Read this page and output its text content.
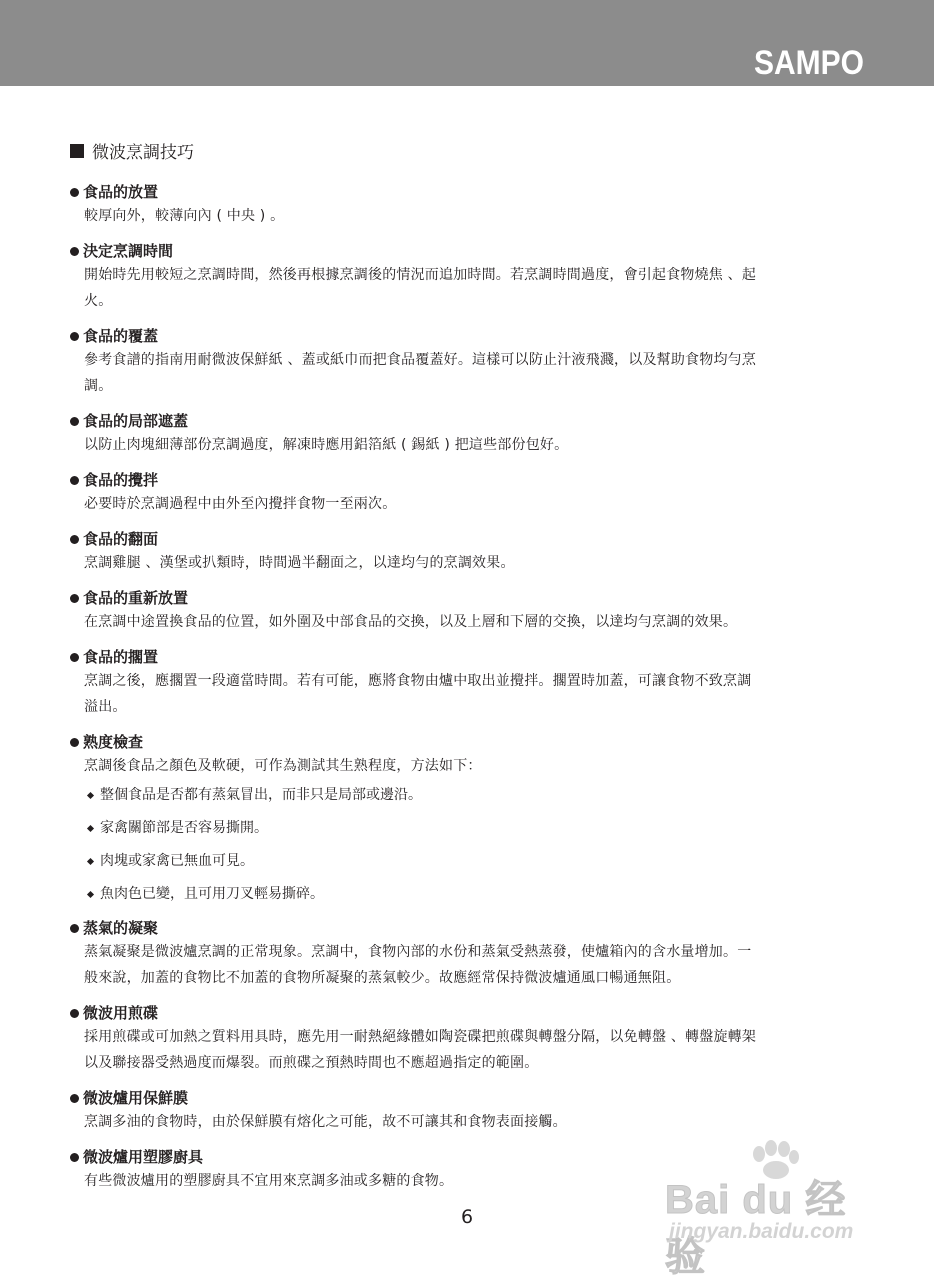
SAMPO
微波烹調技巧
食品的放置
較厚向外，較薄向內 ( 中央 ) 。
決定烹調時間
開始時先用較短之烹調時間，然後再根據烹調後的情況而追加時間。若烹調時間過度，會引起食物燒焦 、起
火。
食品的覆蓋
參考食譜的指南用耐微波保鮮紙 、蓋或紙巾而把食品覆蓋好。這樣可以防止汁液飛濺，以及幫助食物均勻烹
調。
食品的局部遮蓋
以防止肉塊細薄部份烹調過度，解凍時應用鋁箔紙 ( 錫紙 ) 把這些部份包好。
食品的攪拌
必要時於烹調過程中由外至內攪拌食物一至兩次。
食品的翻面
烹調雞腿 、漢堡或扒類時，時間過半翻面之，以達均勻的烹調效果。
食品的重新放置
在烹調中途置換食品的位置，如外圍及中部食品的交換，以及上層和下層的交換，以達均勻烹調的效果。
食品的擱置
烹調之後，應擱置一段適當時間。若有可能，應將食物由爐中取出並攪拌。擱置時加蓋，可讓食物不致烹調
溢出。
熟度檢查
烹調後食品之顏色及軟硬，可作為測試其生熟程度，方法如下：
整個食品是否都有蒸氣冒出，而非只是局部或邊沿。
家禽關節部是否容易撕開。
肉塊或家禽已無血可見。
魚肉色已變，且可用刀叉輕易撕碎。
蒸氣的凝聚
蒸氣凝聚是微波爐烹調的正常現象。烹調中，食物內部的水份和蒸氣受熱蒸發，使爐箱內的含水量增加。一
般來說，加蓋的食物比不加蓋的食物所凝聚的蒸氣較少。故應經常保持微波爐通風口暢通無阻。
微波用煎碟
採用煎碟或可加熱之質料用具時，應先用一耐熱絕緣體如陶瓷碟把煎碟與轉盤分隔，以免轉盤 、轉盤旋轉架
以及聯接器受熱過度而爆裂。而煎碟之預熱時間也不應超過指定的範圍。
微波爐用保鮮膜
烹調多油的食物時，由於保鮮膜有熔化之可能，故不可讓其和食物表面接觸。
微波爐用塑膠廚具
有些微波爐用的塑膠廚具不宜用來烹調多油或多糖的食物。
6	Bai du 经验
jingyan.baidu.com
